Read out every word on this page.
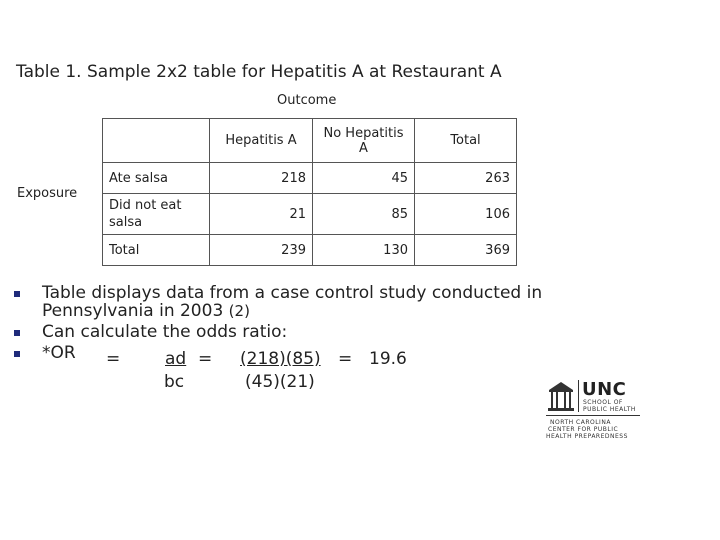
Table 1. Sample 2x2 table for Hepatitis A at Restaurant A
Outcome
Exposure
	Hepatitis A	No Hepatitis A	Total
Ate salsa	218	45	263
Did not eat salsa	21	85	106
Total	239	130	369
Table displays data from a case control study conducted in
Pennsylvania in 2003 (2)
Can calculate the odds ratio:
*OR	=	ad = (218)(85) = 19.6
bc	(45)(21)	UNC
SCHOOL OF
PUBLIC HEALTH
NORTH CAROLINA
CENTER FOR PUBLIC
HEALTH PREPAREDNESS
